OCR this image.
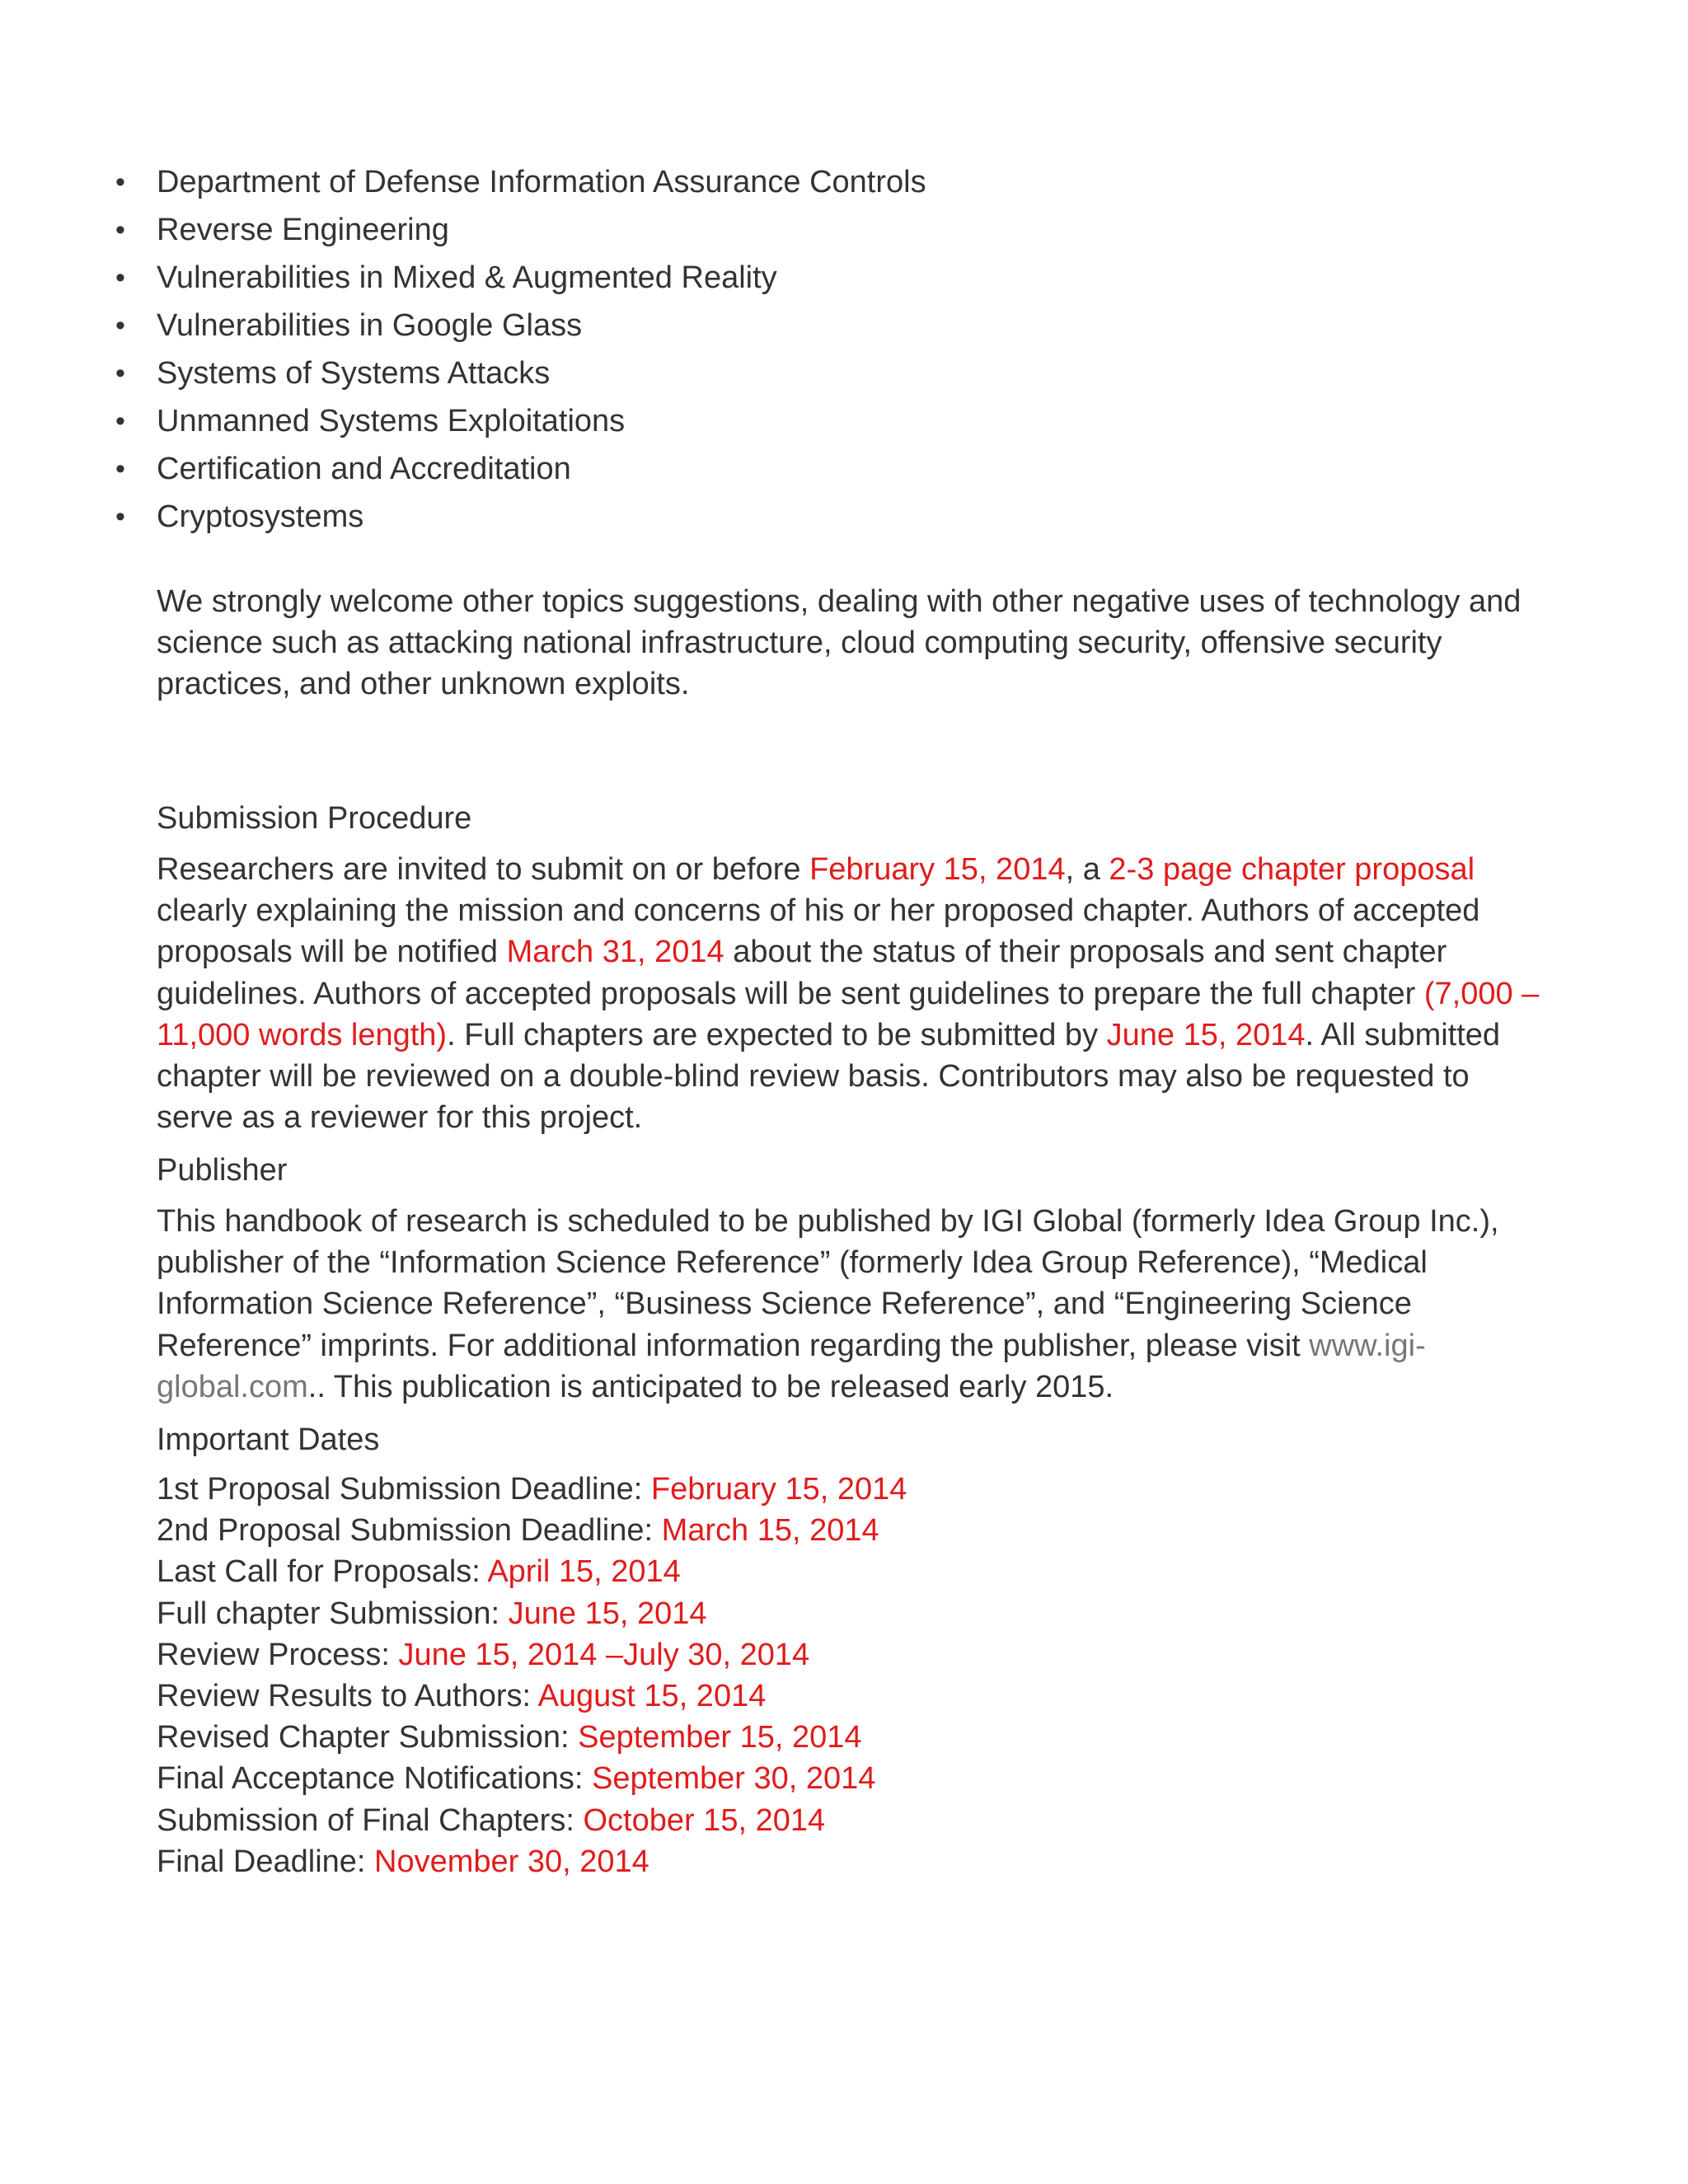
• Department of Defense Information Assurance Controls
• Reverse Engineering
• Vulnerabilities in Mixed & Augmented Reality
• Vulnerabilities in Google Glass
• Systems of Systems Attacks
• Unmanned Systems Exploitations
• Certification and Accreditation
• Cryptosystems

We strongly welcome other topics suggestions, dealing with other negative uses of technology and science such as attacking national infrastructure, cloud computing security, offensive security practices, and other unknown exploits.

Submission Procedure

Researchers are invited to submit on or before February 15, 2014, a 2-3 page chapter proposal clearly explaining the mission and concerns of his or her proposed chapter. Authors of accepted proposals will be notified March 31, 2014 about the status of their proposals and sent chapter guidelines. Authors of accepted proposals will be sent guidelines to prepare the full chapter (7,000 – 11,000 words length). Full chapters are expected to be submitted by June 15, 2014. All submitted chapter will be reviewed on a double-blind review basis. Contributors may also be requested to serve as a reviewer for this project.

Publisher

This handbook of research is scheduled to be published by IGI Global (formerly Idea Group Inc.), publisher of the “Information Science Reference” (formerly Idea Group Reference), “Medical Information Science Reference”, “Business Science Reference”, and “Engineering Science Reference” imprints. For additional information regarding the publisher, please visit www.igi-global.com.. This publication is anticipated to be released early 2015.

Important Dates
1st Proposal Submission Deadline: February 15, 2014
2nd Proposal Submission Deadline: March 15, 2014
Last Call for Proposals: April 15, 2014
Full chapter Submission: June 15, 2014
Review Process: June 15, 2014 –July 30, 2014
Review Results to Authors: August 15, 2014
Revised Chapter Submission: September 15, 2014
Final Acceptance Notifications: September 30, 2014
Submission of Final Chapters: October 15, 2014
Final Deadline: November 30, 2014
